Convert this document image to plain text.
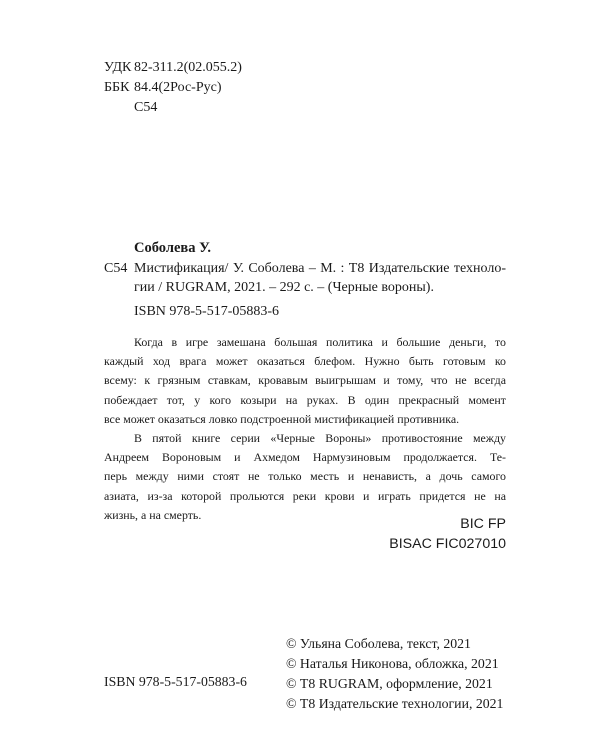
УДК 82-311.2(02.055.2)
ББК 84.4(2Рос-Рус)
С54
Соболева У.
С54 Мистификация/ У. Соболева – М. : Т8 Издательские техноло-
гии / RUGRAM, 2021. – 292 с. – (Черные вороны).
ISBN 978-5-517-05883-6

Когда в игре замешана большая политика и большие деньги, то
каждый ход врага может оказаться блефом. Нужно быть готовым ко
всему: к грязным ставкам, кровавым выигрышам и тому, что не всегда
побеждает тот, у кого козыри на руках. В один прекрасный момент
все может оказаться ловко подстроенной мистификацией противника.

В пятой книге серии «Черные Вороны» противостояние между
Андреем Вороновым и Ахмедом Нармузиновым продолжается. Те-
перь между ними стоят не только месть и ненависть, а дочь самого
азиата, из-за которой прольются реки крови и играть придется не на
жизнь, а на смерть.

BIC FP
BISAC FIC027010
© Ульяна Соболева, текст, 2021
© Наталья Никонова, обложка, 2021
© Т8 RUGRAM, оформление, 2021
© Т8 Издательские технологии, 2021
ISBN 978-5-517-05883-6
